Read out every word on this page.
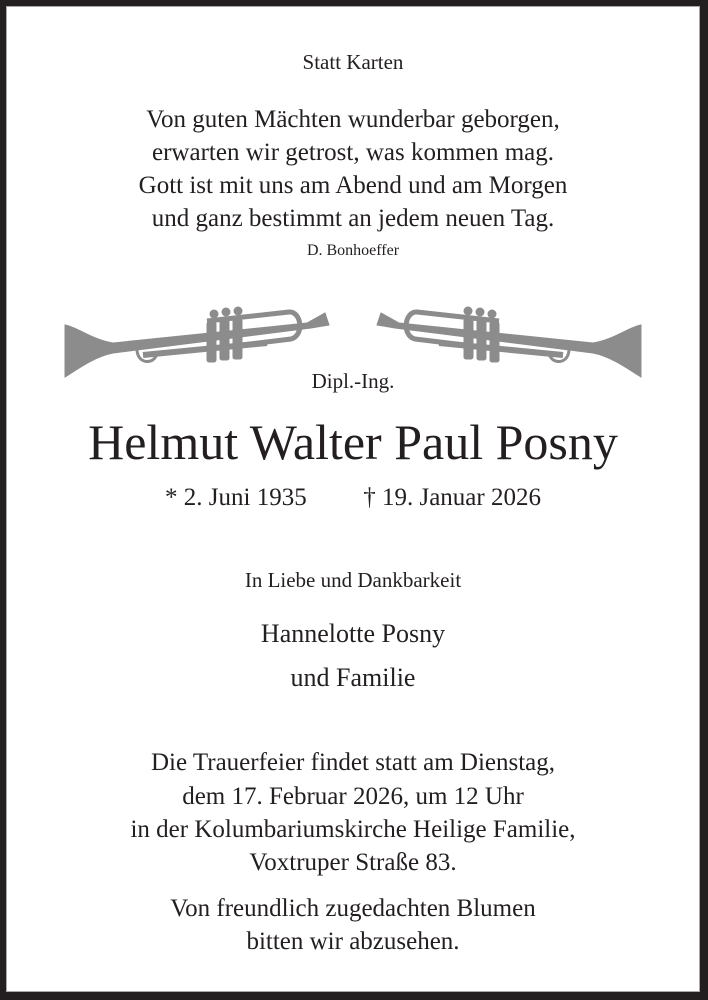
Statt Karten
Von guten Mächten wunderbar geborgen,
erwarten wir getrost, was kommen mag.
Gott ist mit uns am Abend und am Morgen
und ganz bestimmt an jedem neuen Tag.
D. Bonhoeffer
Dipl.-Ing.
Helmut Walter Paul Posny
* 2. Juni 1935 † 19. Januar 2026
In Liebe und Dankbarkeit
Hannelotte Posny
und Familie
Die Trauerfeier findet statt am Dienstag,
dem 17. Februar 2026, um 12 Uhr
in der Kolumbariumskirche Heilige Familie,
Voxtruper Straße 83.
Von freundlich zugedachten Blumen
bitten wir abzusehen.
